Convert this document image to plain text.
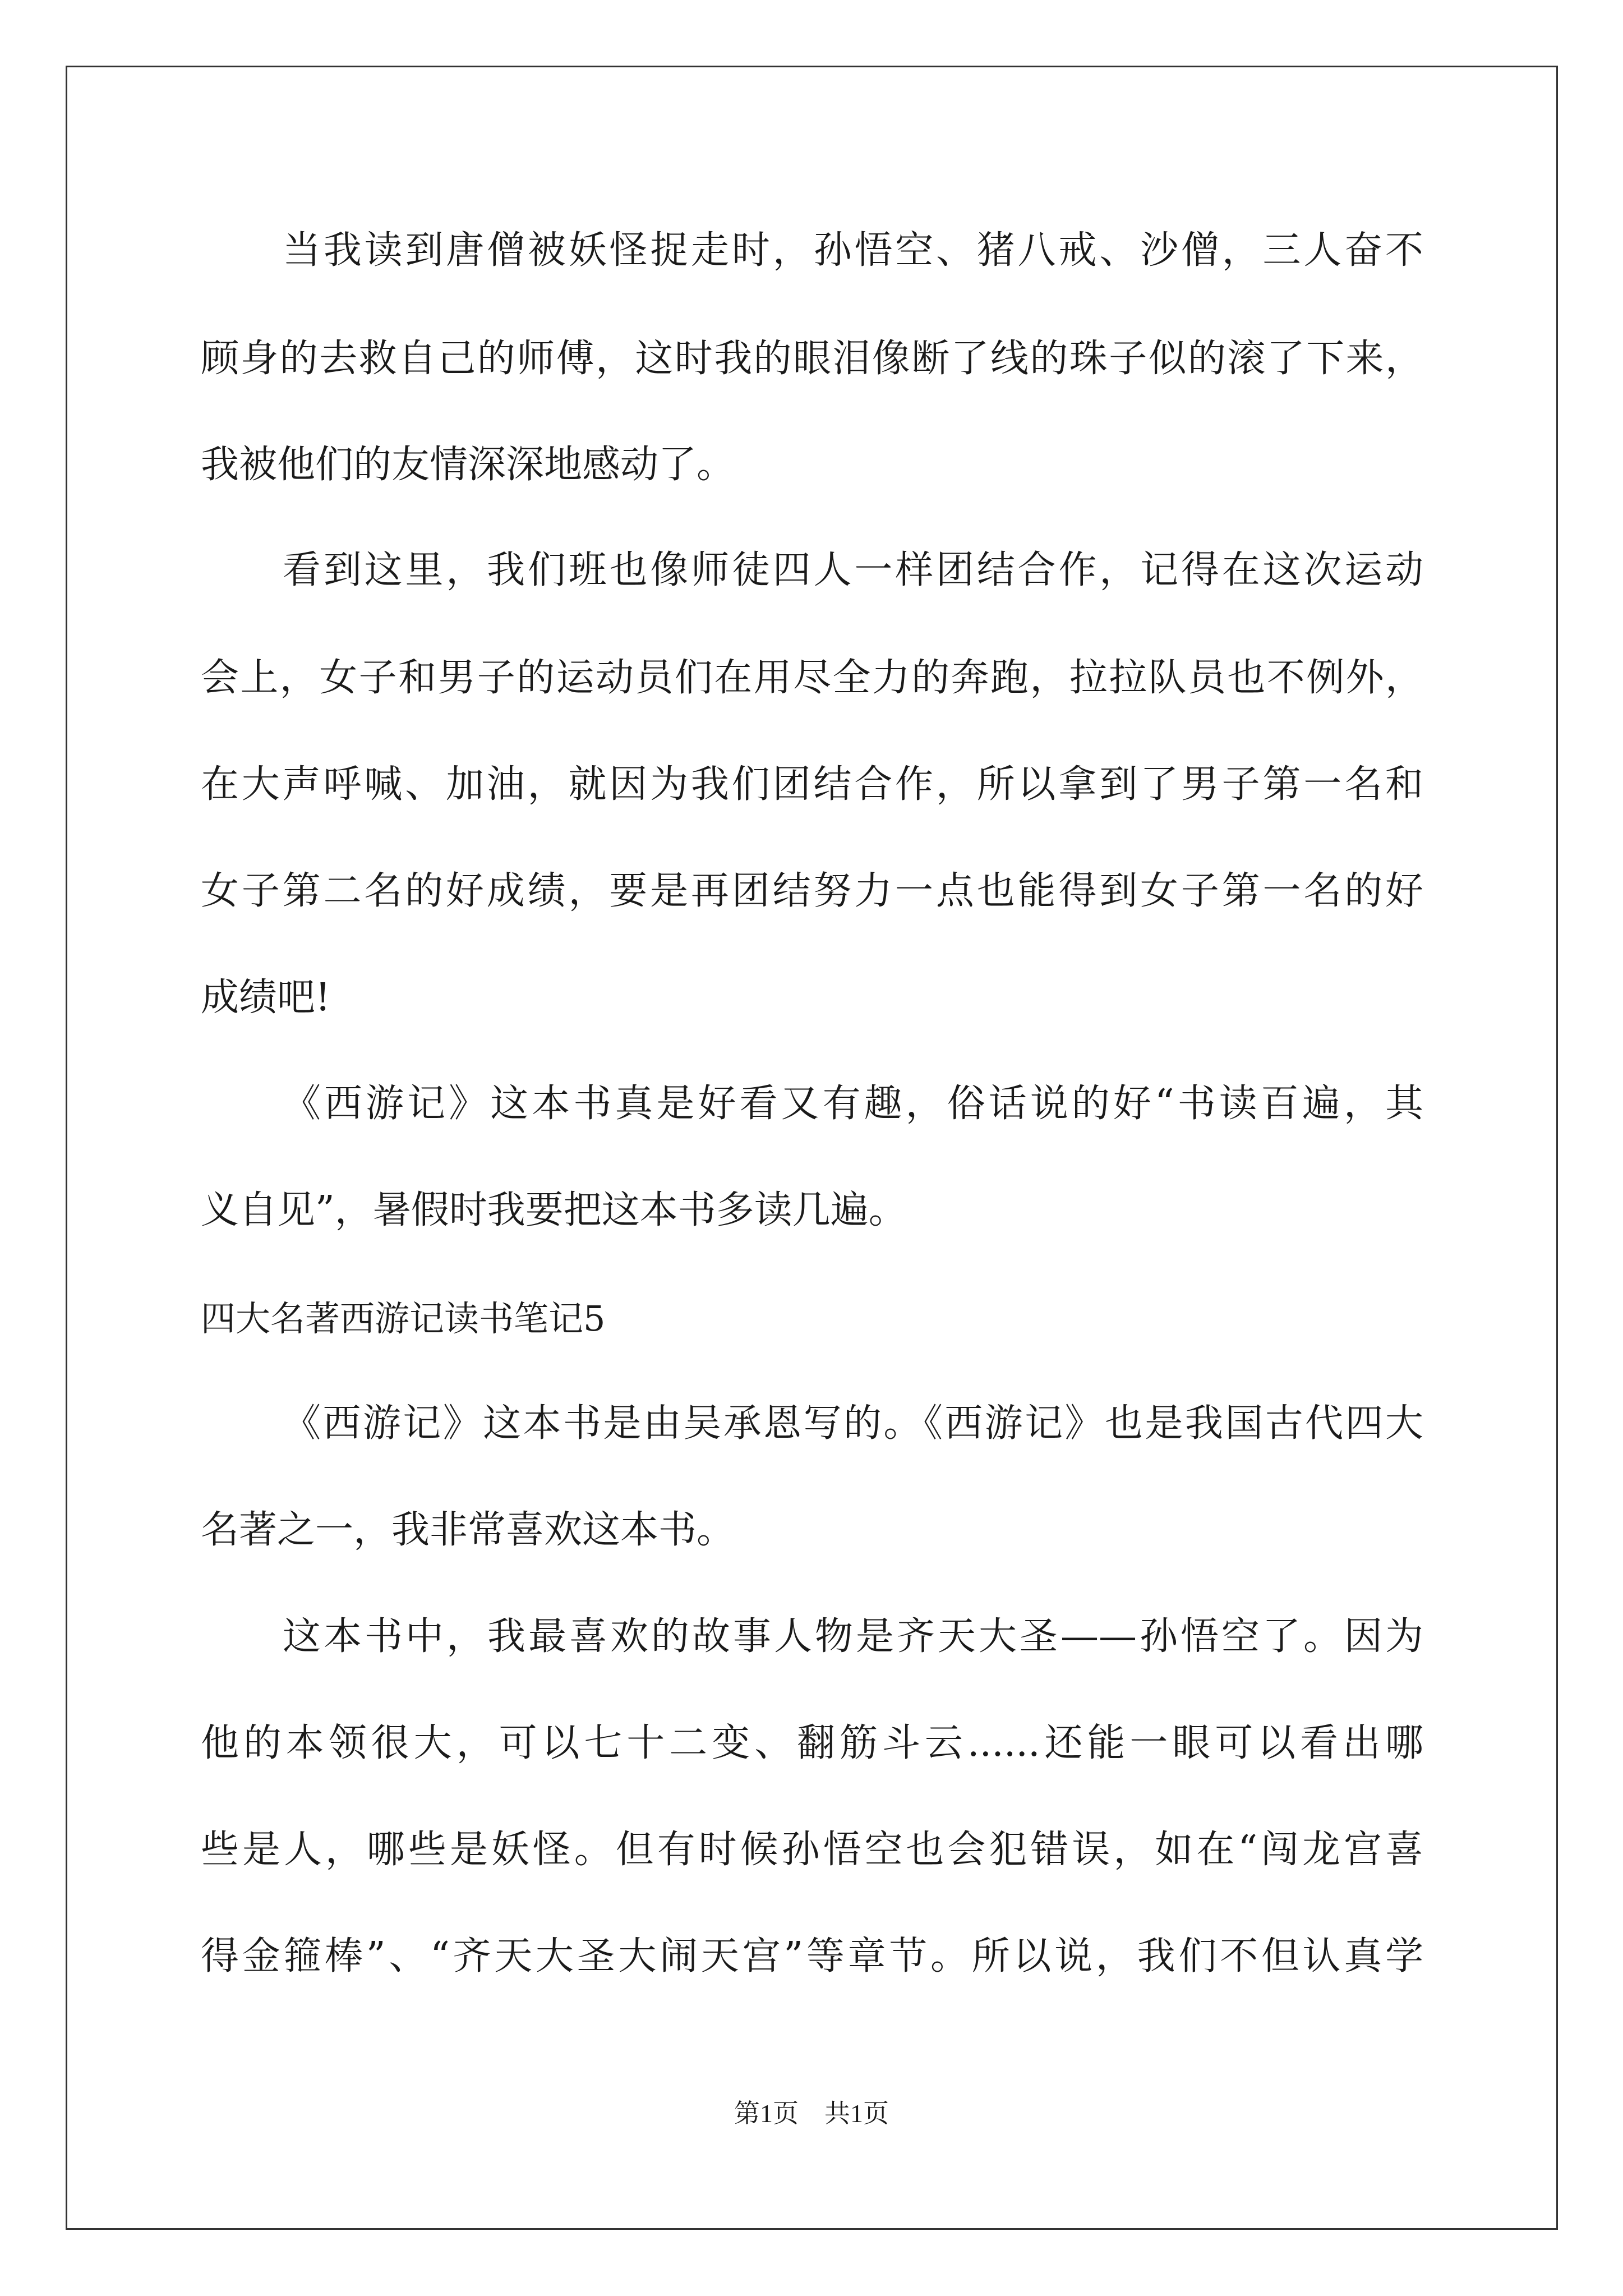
当我读到唐僧被妖怪捉走时，孙悟空、猪八戒、沙僧，三人奋不
顾身的去救自己的师傅，这时我的眼泪像断了线的珠子似的滚了下来，
我被他们的友情深深地感动了。
看到这里，我们班也像师徒四人一样团结合作，记得在这次运动
会上，女子和男子的运动员们在用尽全力的奔跑，拉拉队员也不例外，
在大声呼喊、加油，就因为我们团结合作，所以拿到了男子第一名和
女子第二名的好成绩，要是再团结努力一点也能得到女子第一名的好
成绩吧!
《西游记》这本书真是好看又有趣，俗话说的好“书读百遍，其
义自见”，暑假时我要把这本书多读几遍。
四大名著西游记读书笔记5
《西游记》这本书是由吴承恩写的。《西游记》也是我国古代四大
名著之一，我非常喜欢这本书。
这本书中，我最喜欢的故事人物是齐天大圣——孙悟空了。因为
他的本领很大，可以七十二变、翻筋斗云......还能一眼可以看出哪
些是人，哪些是妖怪。但有时候孙悟空也会犯错误，如在“闯龙宫喜
得金箍棒”、“齐天大圣大闹天宫”等章节。所以说，我们不但认真学
第1页　共1页
